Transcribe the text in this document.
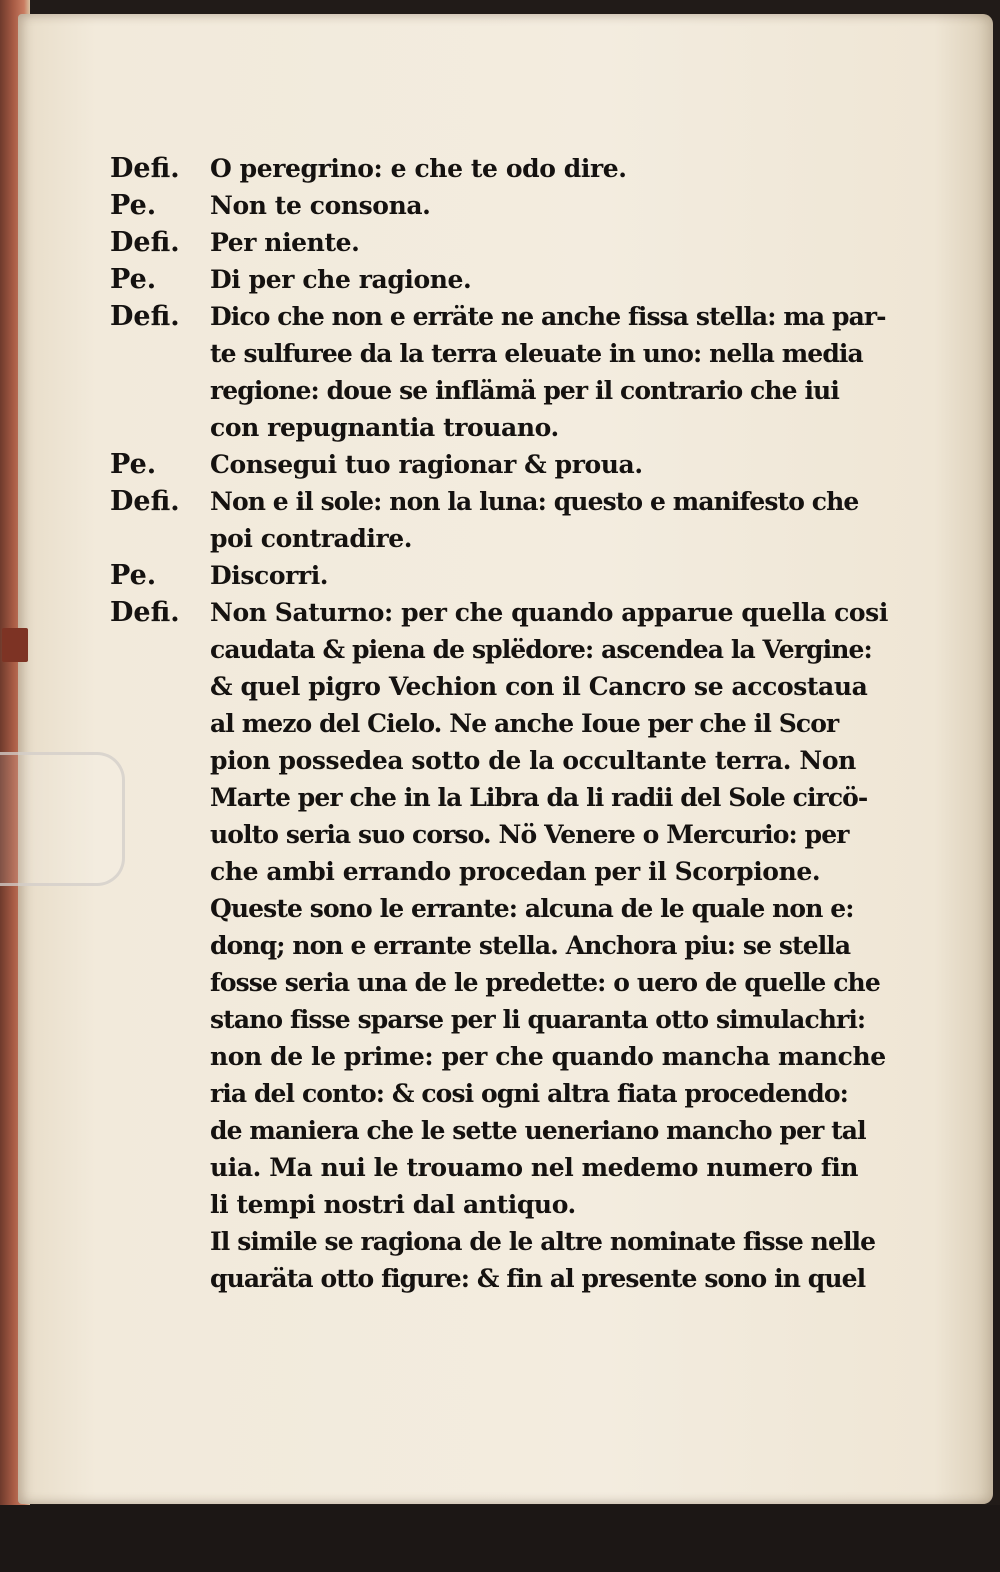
Defi.	O peregrino: e che te odo dire.
Pe.	Non te consona.
Defi.	Per niente.
Pe.	Di per che ragione.
Defi.	Dico che non e erräte ne anche fissa stella: ma par-
te sulfuree da la terra eleuate in uno: nella media
regione: doue se inflämä per il contrario che iui
con repugnantia trouano.
Pe.	Consegui tuo ragionar & proua.
Defi.	Non e il sole: non la luna: questo e manifesto che
poi contradire.
Pe.	Discorri.
Defi.	Non Saturno: per che quando apparue quella cosi
caudata & piena de splëdore: ascendea la Vergine:
& quel pigro Vechion con il Cancro se accostaua
al mezo del Cielo. Ne anche Ioue per che il Scor
pion possedea sotto de la occultante terra. Non
Marte per che in la Libra da li radii del Sole circö-
uolto seria suo corso. Nö Venere o Mercurio: per
che ambi errando procedan per il Scorpione.
Queste sono le errante: alcuna de le quale non e:
donq; non e errante stella. Anchora piu: se stella
fosse seria una de le predette: o uero de quelle che
stano fisse sparse per li quaranta otto simulachri:
non de le prime: per che quando mancha manche
ria del conto: & cosi ogni altra fiata procedendo:
de maniera che le sette ueneriano mancho per tal
uia. Ma nui le trouamo nel medemo numero fin
li tempi nostri dal antiquo.
Il simile se ragiona de le altre nominate fisse nelle
quaräta otto figure: & fin al presente sono in quel
